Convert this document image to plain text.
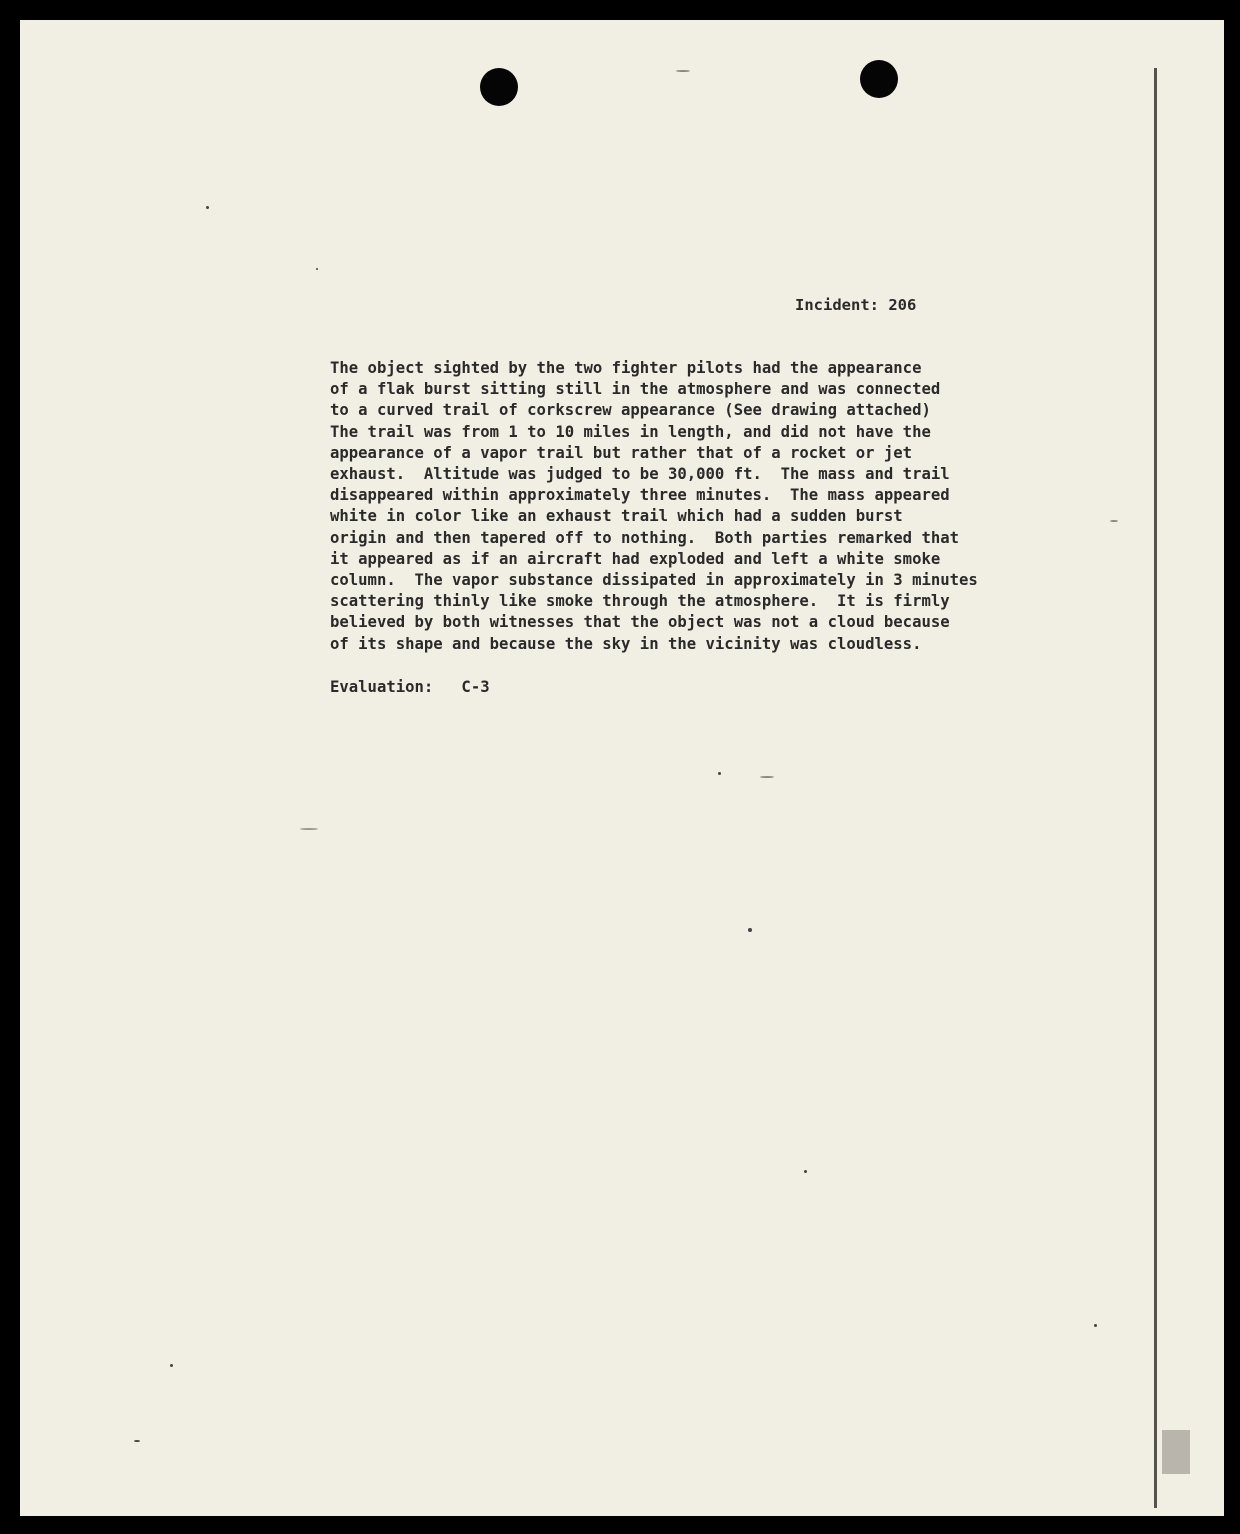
Incident: 206

The object sighted by the two fighter pilots had the appearance
of a flak burst sitting still in the atmosphere and was connected
to a curved trail of corkscrew appearance (See drawing attached)
The trail was from 1 to 10 miles in length, and did not have the
appearance of a vapor trail but rather that of a rocket or jet
exhaust.  Altitude was judged to be 30,000 ft.  The mass and trail
disappeared within approximately three minutes.  The mass appeared
white in color like an exhaust trail which had a sudden burst
origin and then tapered off to nothing.  Both parties remarked that
it appeared as if an aircraft had exploded and left a white smoke
column.  The vapor substance dissipated in approximately in 3 minutes
scattering thinly like smoke through the atmosphere.  It is firmly
believed by both witnesses that the object was not a cloud because
of its shape and because the sky in the vicinity was cloudless.

Evaluation:   C-3
